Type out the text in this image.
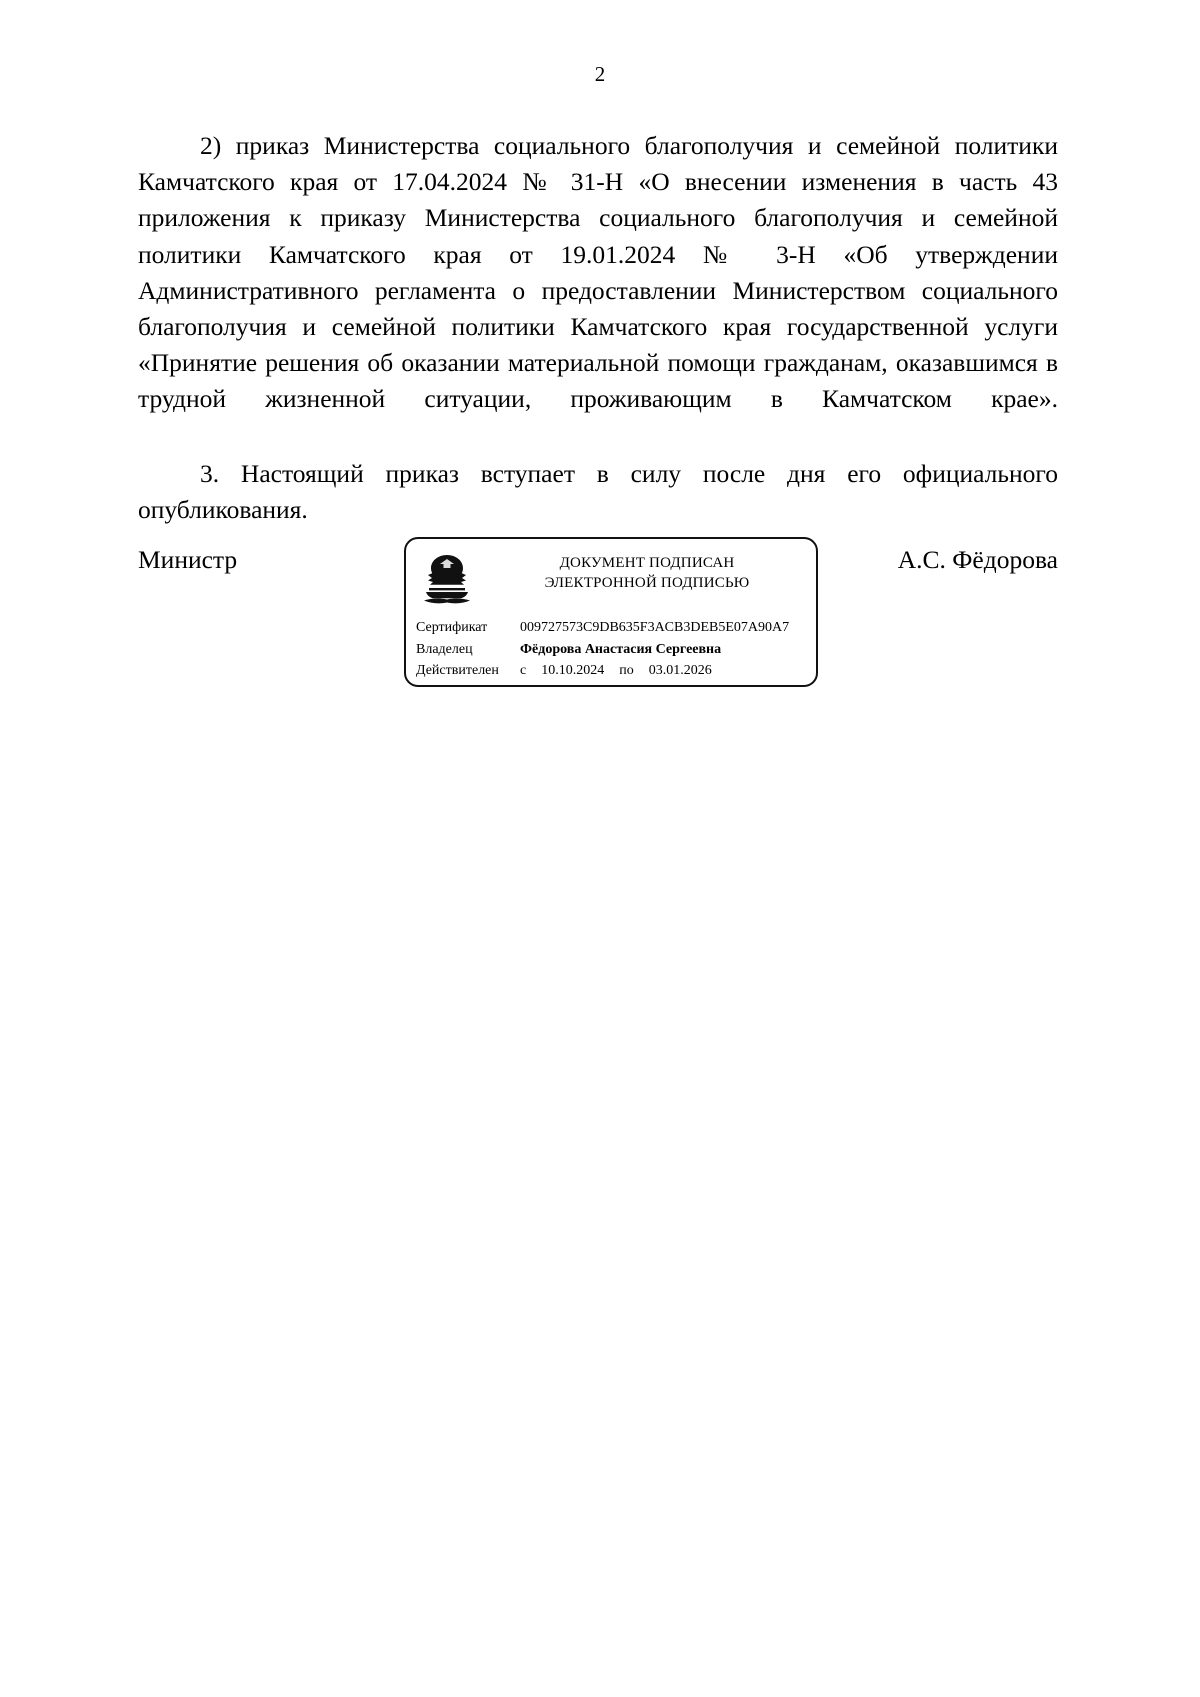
2

2) приказ Министерства социального благополучия и семейной политики Камчатского края от 17.04.2024 № 31-Н «О внесении изменения в часть 43 приложения к приказу Министерства социального благополучия и семейной политики Камчатского края от 19.01.2024 № 3-Н «Об утверждении Административного регламента о предоставлении Министерством социального благополучия и семейной политики Камчатского края государственной услуги «Принятие решения об оказании материальной помощи гражданам, оказавшимся в трудной жизненной ситуации, проживающим в Камчатском крае».

3. Настоящий приказ вступает в силу после дня его официального опубликования.

Министр	А.С. Фёдорова
ДОКУМЕНТ ПОДПИСАН
ЭЛЕКТРОННОЙ ПОДПИСЬЮ
Сертификат	009727573C9DB635F3ACB3DEB5E07A90A7
Владелец	Фёдорова Анастасия Сергеевна
Действителен	с 10.10.2024 по 03.01.2026
